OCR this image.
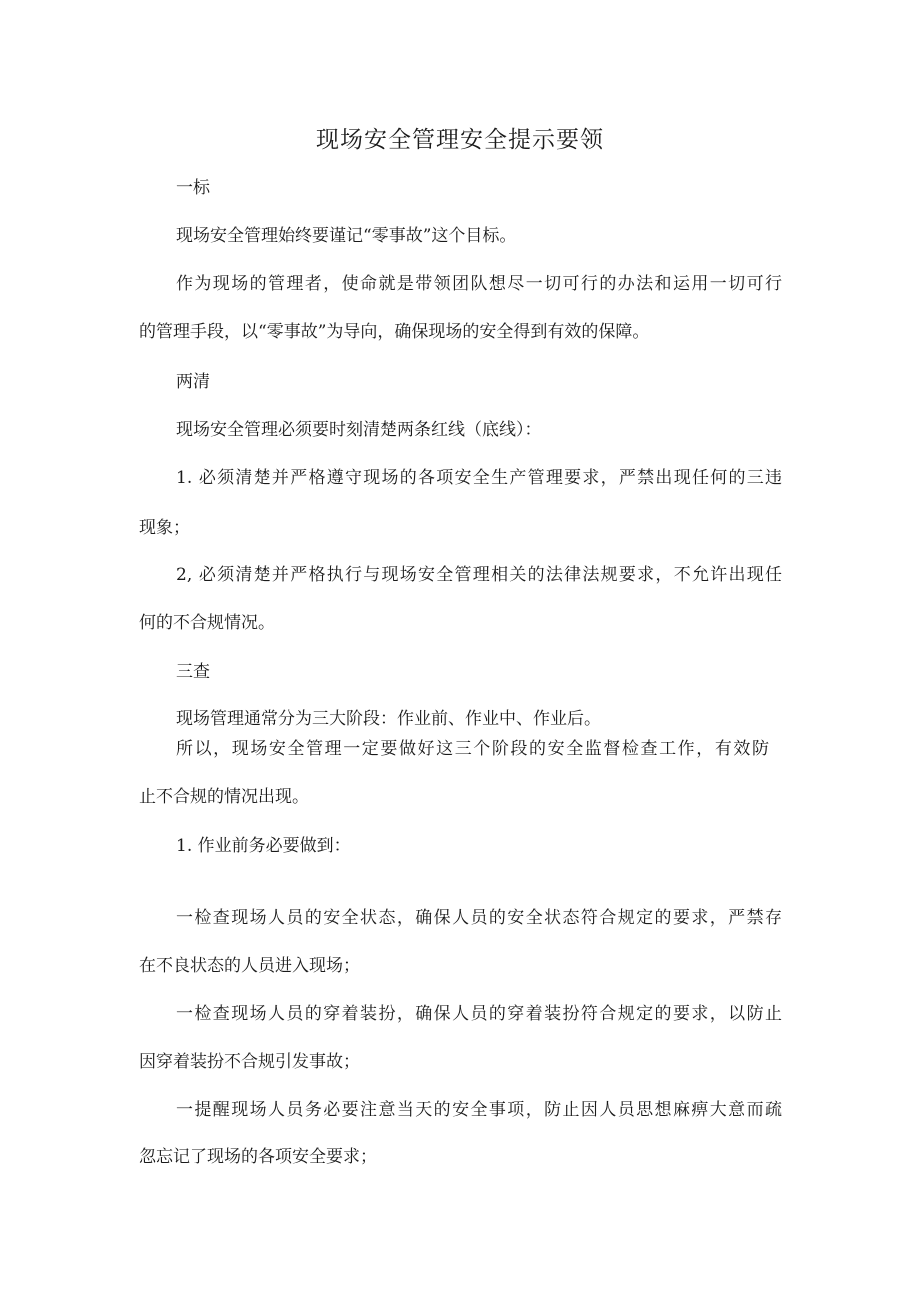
现场安全管理安全提示要领
一标
现场安全管理始终要谨记“零事故”这个目标。
作为现场的管理者，使命就是带领团队想尽一切可行的办法和运用一切可行
的管理手段，以“零事故”为导向，确保现场的安全得到有效的保障。
两清
现场安全管理必须要时刻清楚两条红线（底线）：
1. 必须清楚并严格遵守现场的各项安全生产管理要求，严禁出现任何的三违
现象；
2, 必须清楚并严格执行与现场安全管理相关的法律法规要求，不允许出现任
何的不合规情况。
三查
现场管理通常分为三大阶段：作业前、作业中、作业后。
所以，现场安全管理一定要做好这三个阶段的安全监督检查工作，有效防
止不合规的情况出现。
1. 作业前务必要做到：
一检查现场人员的安全状态，确保人员的安全状态符合规定的要求，严禁存
在不良状态的人员进入现场；
一检查现场人员的穿着装扮，确保人员的穿着装扮符合规定的要求，以防止
因穿着装扮不合规引发事故；
一提醒现场人员务必要注意当天的安全事项，防止因人员思想麻痹大意而疏
忽忘记了现场的各项安全要求；
